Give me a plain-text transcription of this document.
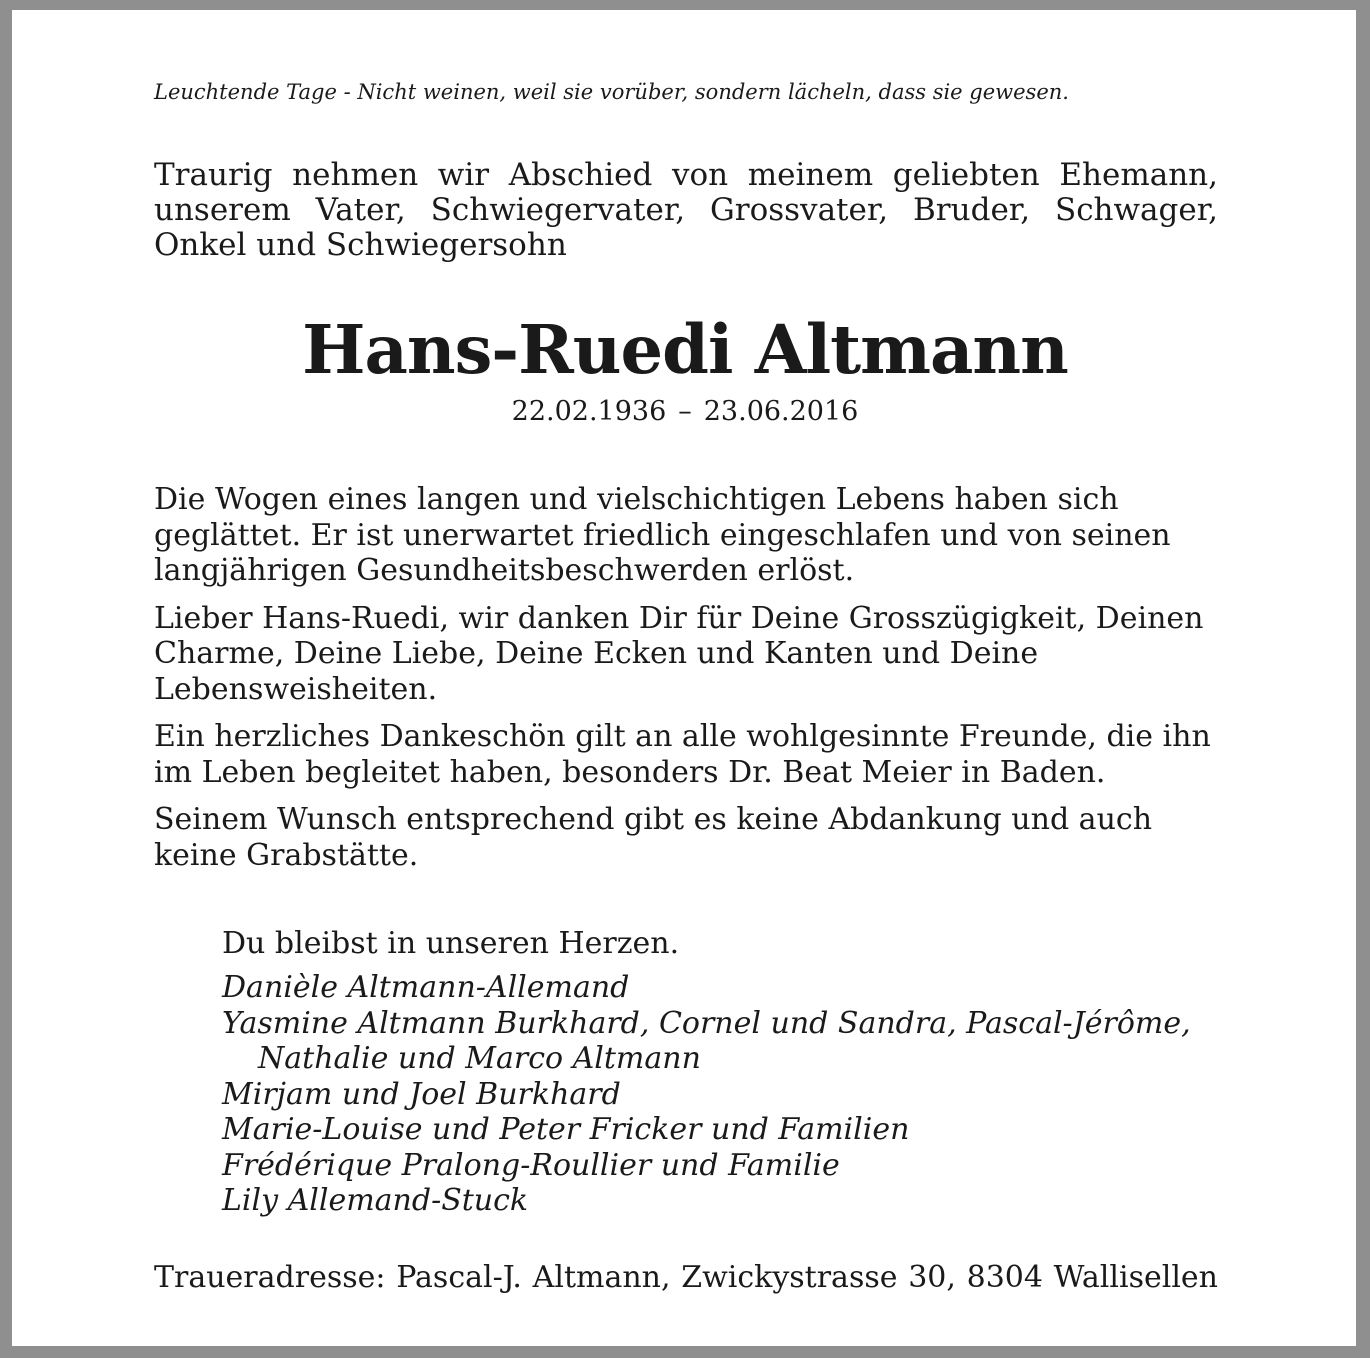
Leuchtende Tage - Nicht weinen, weil sie vorüber, sondern lächeln, dass sie gewesen.
Traurig nehmen wir Abschied von meinem geliebten Ehemann, unserem Vater, Schwiegervater, Grossvater, Bruder, Schwager, Onkel und Schwiegersohn
Hans-Ruedi Altmann
22.02.1936 – 23.06.2016

Die Wogen eines langen und vielschichtigen Lebens haben sich geglättet. Er ist unerwartet friedlich eingeschlafen und von seinen langjährigen Gesundheitsbeschwerden erlöst.

Lieber Hans-Ruedi, wir danken Dir für Deine Grosszügigkeit, Deinen Charme, Deine Liebe, Deine Ecken und Kanten und Deine Lebensweisheiten.

Ein herzliches Dankeschön gilt an alle wohlgesinnte Freunde, die ihn im Leben begleitet haben, besonders Dr. Beat Meier in Baden.

Seinem Wunsch entsprechend gibt es keine Abdankung und auch keine Grabstätte.

Du bleibst in unseren Herzen.
Danièle Altmann-Allemand
Yasmine Altmann Burkhard, Cornel und Sandra, Pascal-Jérôme,
Nathalie und Marco Altmann
Mirjam und Joel Burkhard
Marie-Louise und Peter Fricker und Familien
Frédérique Pralong-Roullier und Familie
Lily Allemand-Stuck
Traueradresse: Pascal-J. Altmann, Zwickystrasse 30, 8304 Wallisellen
